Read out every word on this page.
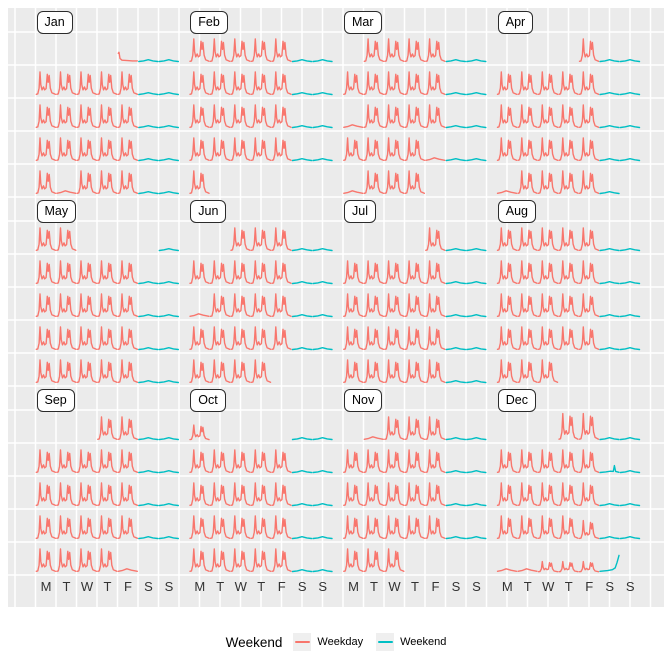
Jan	Feb	Mar	Apr
May	Jun	Jul	Aug
Sep	Oct	Nov	Dec
M T W T F S S	M T W T F S S	M T W T F S S	M T W T F S S
Weekend	Weekday	Weekend
